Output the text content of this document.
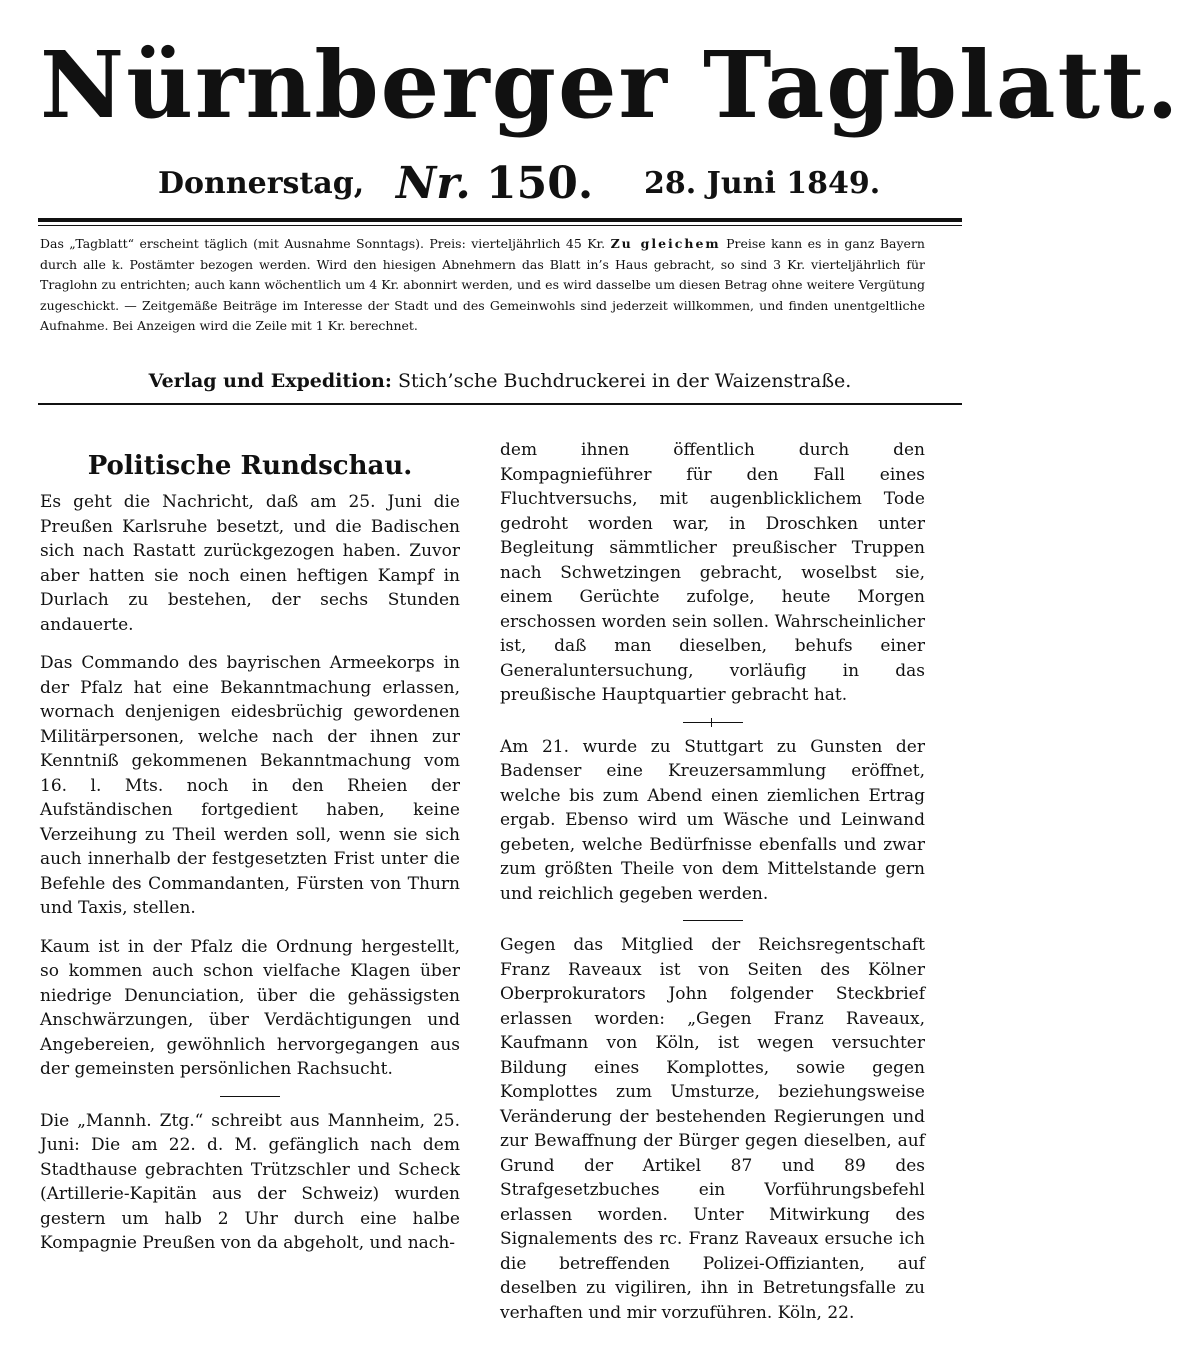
Nürnberger Tagblatt.
Donnerstag, Nr. 150. 28. Juni 1849.
Das „Tagblatt“ erscheint täglich (mit Ausnahme Sonntags). Preis: vierteljährlich 45 Kr. Zu gleichem Preise kann es in ganz Bayern durch alle k. Postämter bezogen werden. Wird den hiesigen Abnehmern das Blatt in’s Haus gebracht, so sind 3 Kr. vierteljährlich für Traglohn zu entrichten; auch kann wöchentlich um 4 Kr. abonnirt werden, und es wird dasselbe um diesen Betrag ohne weitere Vergütung zugeschickt. — Zeitgemäße Beiträge im Interesse der Stadt und des Gemeinwohls sind jederzeit willkommen, und finden unentgeltliche Aufnahme. Bei Anzeigen wird die Zeile mit 1 Kr. berechnet.
Verlag und Expedition: Stich’sche Buchdruckerei in der Waizenstraße.
Politische Rundschau.

Es geht die Nachricht, daß am 25. Juni die Preußen Karlsruhe besetzt, und die Badischen sich nach Rastatt zurückgezogen haben. Zuvor aber hatten sie noch einen heftigen Kampf in Durlach zu bestehen, der sechs Stunden andauerte.

Das Commando des bayrischen Armeekorps in der Pfalz hat eine Bekanntmachung erlassen, wornach denjenigen eidesbrüchig gewordenen Militärpersonen, welche nach der ihnen zur Kenntniß gekommenen Bekanntmachung vom 16. l. Mts. noch in den Rheien der Aufständischen fortgedient haben, keine Verzeihung zu Theil werden soll, wenn sie sich auch innerhalb der festgesetzten Frist unter die Befehle des Commandanten, Fürsten von Thurn und Taxis, stellen.

Kaum ist in der Pfalz die Ordnung hergestellt, so kommen auch schon vielfache Klagen über niedrige Denunciation, über die gehässigsten Anschwärzungen, über Verdächtigungen und Angebereien, gewöhnlich hervorgegangen aus der gemeinsten persönlichen Rachsucht.

Die „Mannh. Ztg.“ schreibt aus Mannheim, 25. Juni: Die am 22. d. M. gefänglich nach dem Stadthause gebrachten Trützschler und Scheck (Artillerie-Kapitän aus der Schweiz) wurden gestern um halb 2 Uhr durch eine halbe Kompagnie Preußen von da abgeholt, und nach-

dem ihnen öffentlich durch den Kompagnieführer für den Fall eines Fluchtversuchs, mit augenblicklichem Tode gedroht worden war, in Droschken unter Begleitung sämmtlicher preußischer Truppen nach Schwetzingen gebracht, woselbst sie, einem Gerüchte zufolge, heute Morgen erschossen worden sein sollen. Wahrscheinlicher ist, daß man dieselben, behufs einer Generaluntersuchung, vorläufig in das preußische Hauptquartier gebracht hat.

Am 21. wurde zu Stuttgart zu Gunsten der Badenser eine Kreuzersammlung eröffnet, welche bis zum Abend einen ziemlichen Ertrag ergab. Ebenso wird um Wäsche und Leinwand gebeten, welche Bedürfnisse ebenfalls und zwar zum größten Theile von dem Mittelstande gern und reichlich gegeben werden.

Gegen das Mitglied der Reichsregentschaft Franz Raveaux ist von Seiten des Kölner Oberprokurators John folgender Steckbrief erlassen worden: „Gegen Franz Raveaux, Kaufmann von Köln, ist wegen versuchter Bildung eines Komplottes, sowie gegen Komplottes zum Umsturze, beziehungsweise Veränderung der bestehenden Regierungen und zur Bewaffnung der Bürger gegen dieselben, auf Grund der Artikel 87 und 89 des Strafgesetzbuches ein Vorführungsbefehl erlassen worden. Unter Mitwirkung des Signalements des rc. Franz Raveaux ersuche ich die betreffenden Polizei-Offizianten, auf deselben zu vigiliren, ihn in Betretungsfalle zu verhaften und mir vorzuführen. Köln, 22.
